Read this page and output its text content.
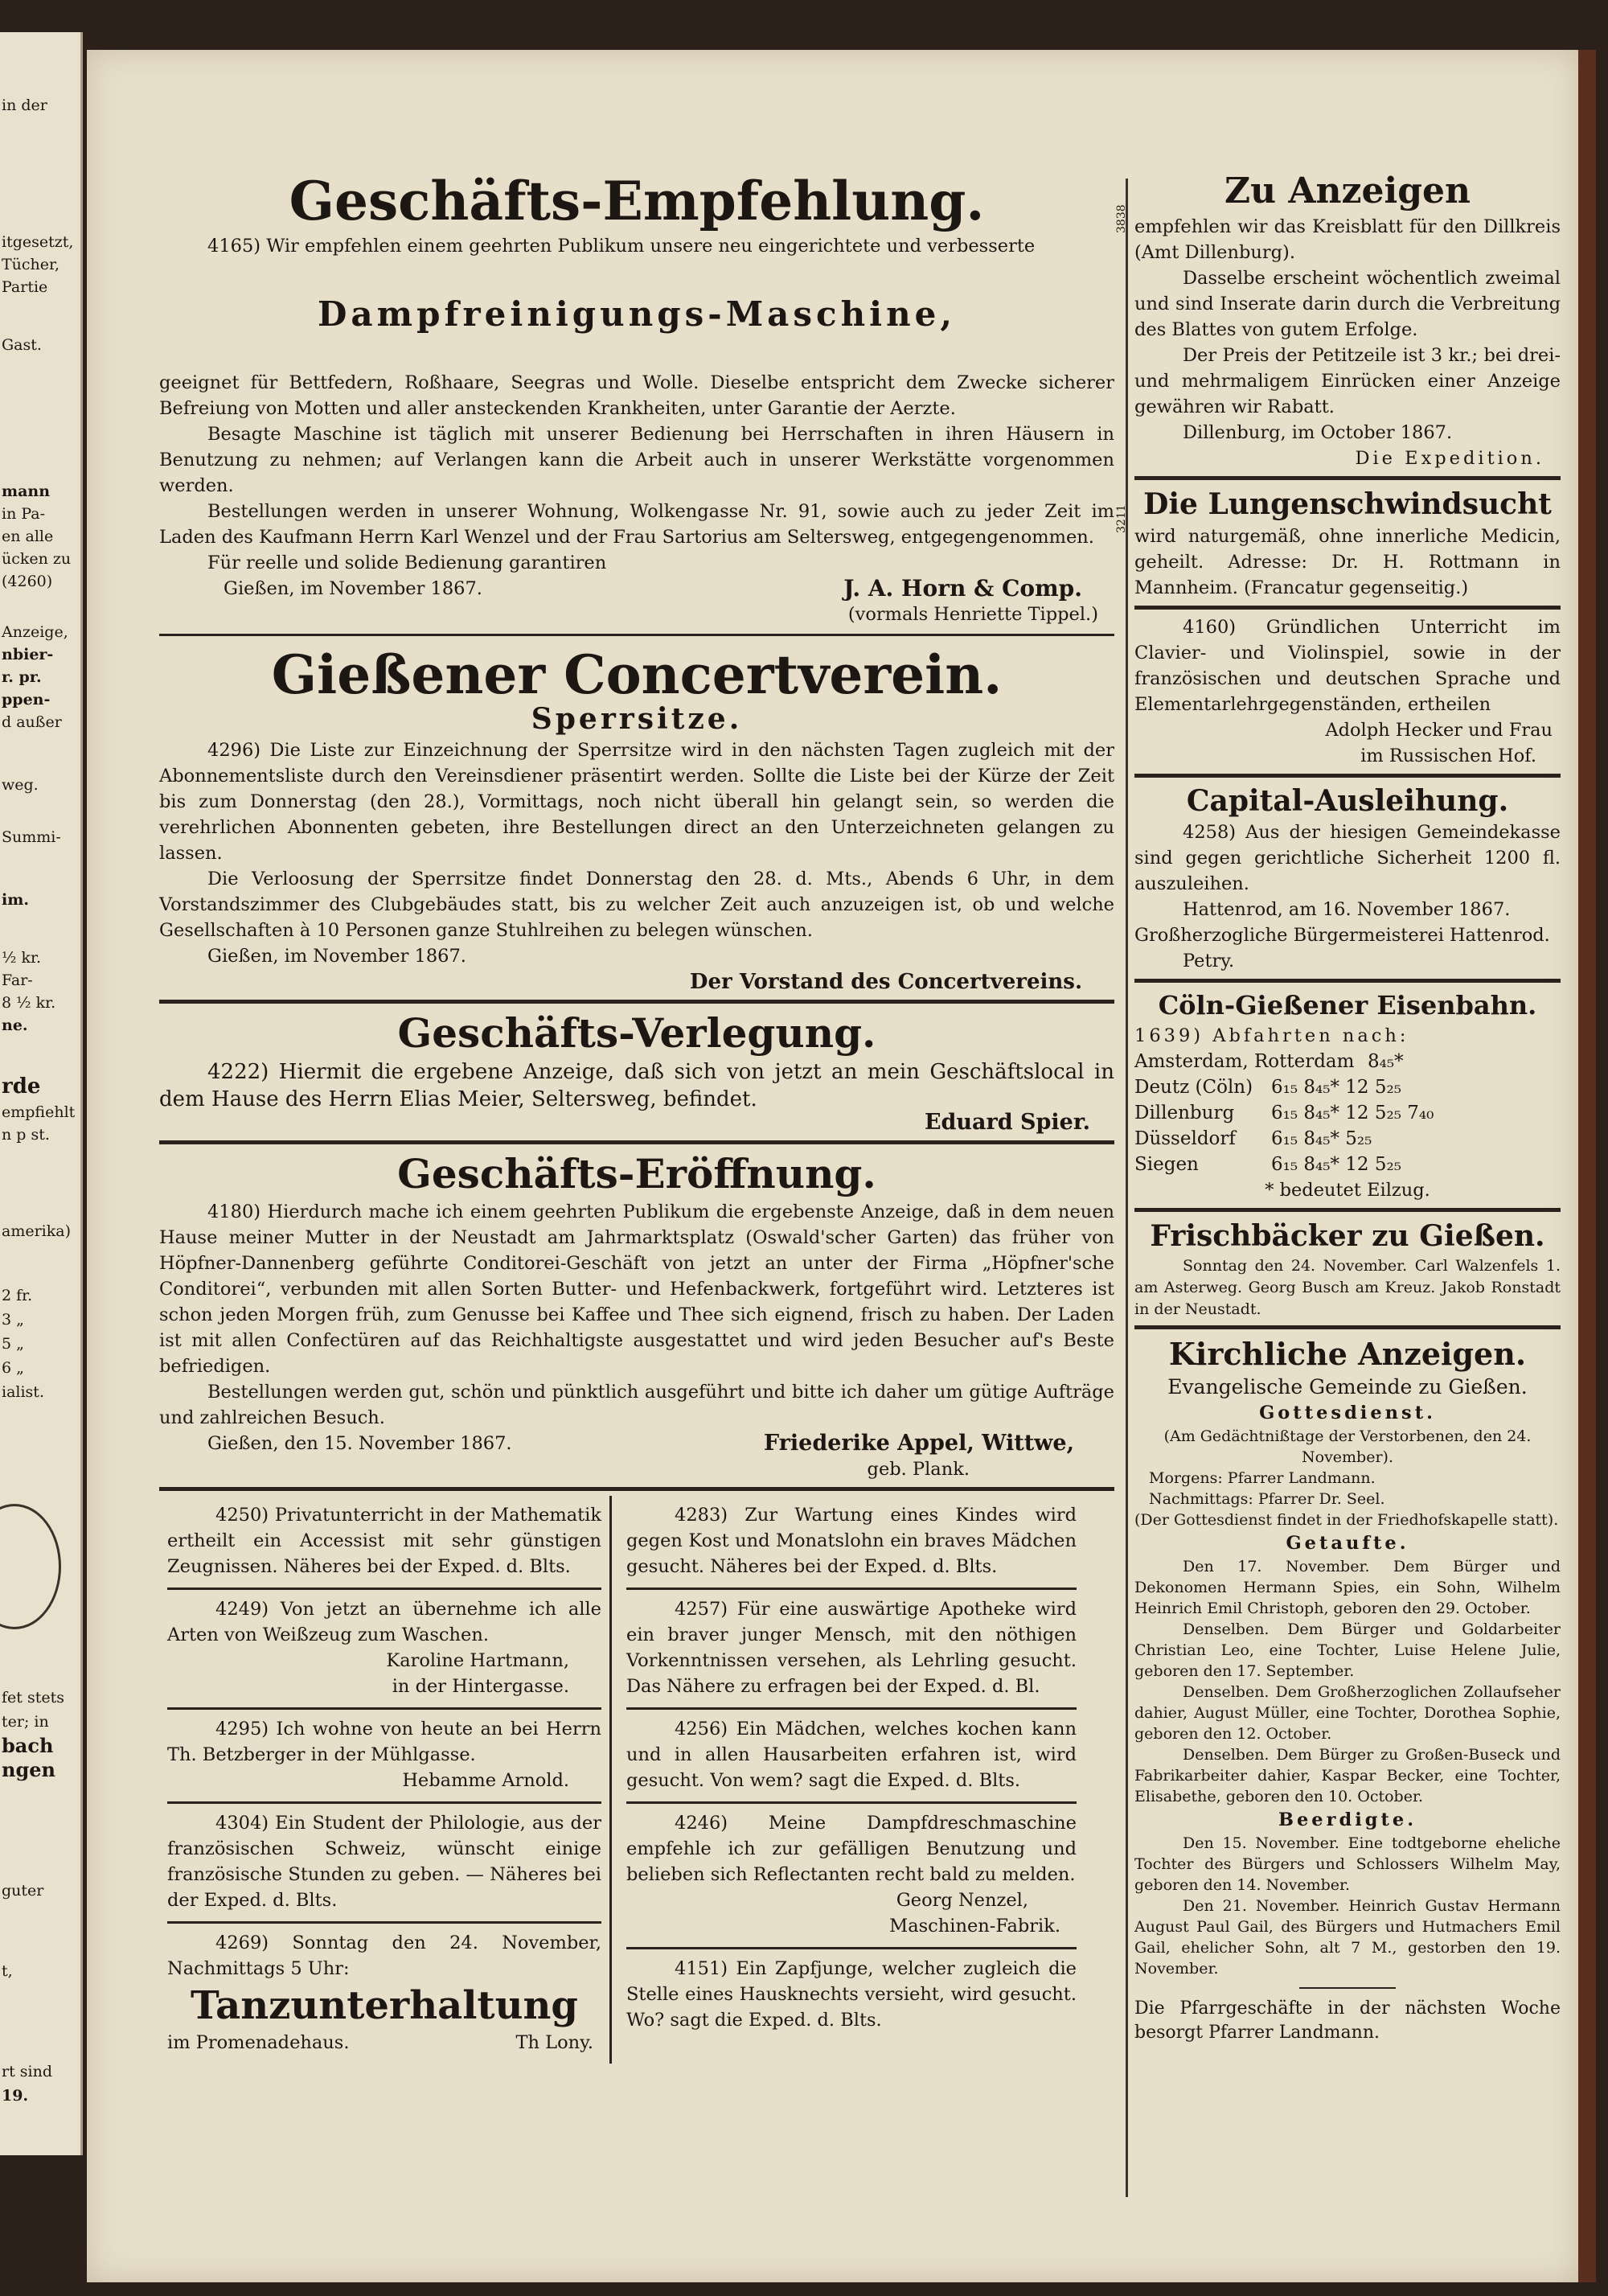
in der
itgesetzt,
Tücher,
Partie
Gast.
mann
in Pa-
en alle
ücken zu
(4260)
Anzeige,
nbier-
r. pr.
ppen-
d außer
weg.
Summi-
im.
½ kr.
Far-
8 ½ kr.
ne.
rde
empfiehlt
n p st.
amerika)
2 fr.
3 „
5 „
6 „
ialist.
fet stets
ter; in
bach
ngen
guter
t,
rt sind
19.
Geschäfts-Empfehlung.

4165) Wir empfehlen einem geehrten Publikum unsere neu eingerichtete und verbesserte

Dampfreinigungs-Maschine,

geeignet für Bettfedern, Roßhaare, Seegras und Wolle. Dieselbe entspricht dem Zwecke sicherer Befreiung von Motten und aller ansteckenden Krankheiten, unter Garantie der Aerzte.

Besagte Maschine ist täglich mit unserer Bedienung bei Herrschaften in ihren Häusern in Benutzung zu nehmen; auf Verlangen kann die Arbeit auch in unserer Werkstätte vorgenommen werden.

Bestellungen werden in unserer Wohnung, Wolkengasse Nr. 91, sowie auch zu jeder Zeit im Laden des Kaufmann Herrn Karl Wenzel und der Frau Sartorius am Seltersweg, entgegengenommen.

Für reelle und solide Bedienung garantiren

Gießen, im November 1867.	J. A. Horn & Comp.

(vormals Henriette Tippel.)

Gießener Concertverein.

Sperrsitze.

4296) Die Liste zur Einzeichnung der Sperrsitze wird in den nächsten Tagen zugleich mit der Abonnementsliste durch den Vereinsdiener präsentirt werden. Sollte die Liste bei der Kürze der Zeit bis zum Donnerstag (den 28.), Vormittags, noch nicht überall hin gelangt sein, so werden die verehrlichen Abonnenten gebeten, ihre Bestellungen direct an den Unterzeichneten gelangen zu lassen.

Die Verloosung der Sperrsitze findet Donnerstag den 28. d. Mts., Abends 6 Uhr, in dem Vorstandszimmer des Clubgebäudes statt, bis zu welcher Zeit auch anzuzeigen ist, ob und welche Gesellschaften à 10 Personen ganze Stuhlreihen zu belegen wünschen.

Gießen, im November 1867.

Der Vorstand des Concertvereins.

Geschäfts-Verlegung.

4222) Hiermit die ergebene Anzeige, daß sich von jetzt an mein Geschäftslocal in dem Hause des Herrn Elias Meier, Seltersweg, befindet.

Eduard Spier.

Geschäfts-Eröffnung.

4180) Hierdurch mache ich einem geehrten Publikum die ergebenste Anzeige, daß in dem neuen Hause meiner Mutter in der Neustadt am Jahrmarktsplatz (Oswald'scher Garten) das früher von Höpfner-Dannenberg geführte Conditorei-Geschäft von jetzt an unter der Firma „Höpfner'sche Conditorei“, verbunden mit allen Sorten Butter- und Hefenbackwerk, fortgeführt wird. Letzteres ist schon jeden Morgen früh, zum Genusse bei Kaffee und Thee sich eignend, frisch zu haben. Der Laden ist mit allen Confectüren auf das Reichhaltigste ausgestattet und wird jeden Besucher auf's Beste befriedigen.

Bestellungen werden gut, schön und pünktlich ausgeführt und bitte ich daher um gütige Aufträge und zahlreichen Besuch.

Gießen, den 15. November 1867.	Friederike Appel, Wittwe,

geb. Plank.

4250) Privatunterricht in der Mathematik ertheilt ein Accessist mit sehr günstigen Zeugnissen. Näheres bei der Exped. d. Blts.

4249) Von jetzt an übernehme ich alle Arten von Weißzeug zum Waschen.

Karoline Hartmann,

in der Hintergasse.

4295) Ich wohne von heute an bei Herrn Th. Betzberger in der Mühlgasse.

Hebamme Arnold.

4304) Ein Student der Philologie, aus der französischen Schweiz, wünscht einige französische Stunden zu geben. — Näheres bei der Exped. d. Blts.

4269) Sonntag den 24. November, Nachmittags 5 Uhr:

Tanzunterhaltung

im Promenadehaus.	Th Lony.

4283) Zur Wartung eines Kindes wird gegen Kost und Monatslohn ein braves Mädchen gesucht. Näheres bei der Exped. d. Blts.

4257) Für eine auswärtige Apotheke wird ein braver junger Mensch, mit den nöthigen Vorkenntnissen versehen, als Lehrling gesucht. Das Nähere zu erfragen bei der Exped. d. Bl.

4256) Ein Mädchen, welches kochen kann und in allen Hausarbeiten erfahren ist, wird gesucht. Von wem? sagt die Exped. d. Blts.

4246) Meine Dampfdreschmaschine empfehle ich zur gefälligen Benutzung und belieben sich Reflectanten recht bald zu melden.

Georg Nenzel,

Maschinen-Fabrik.

4151) Ein Zapfjunge, welcher zugleich die Stelle eines Hausknechts versieht, wird gesucht. Wo? sagt die Exped. d. Blts.

3838
Zu Anzeigen

empfehlen wir das Kreisblatt für den Dillkreis (Amt Dillenburg).

Dasselbe erscheint wöchentlich zweimal und sind Inserate darin durch die Verbreitung des Blattes von gutem Erfolge.

Der Preis der Petitzeile ist 3 kr.; bei drei- und mehrmaligem Einrücken einer Anzeige gewähren wir Rabatt.

Dillenburg, im October 1867.

Die Expedition.

3211 Die Lungenschwindsucht

wird naturgemäß, ohne innerliche Medicin, geheilt. Adresse: Dr. H. Rottmann in Mannheim. (Francatur gegenseitig.)

4160) Gründlichen Unterricht im Clavier- und Violinspiel, sowie in der französischen und deutschen Sprache und Elementarlehrgegenständen, ertheilen

Adolph Hecker und Frau

im Russischen Hof.

Capital-Ausleihung.

4258) Aus der hiesigen Gemeindekasse sind gegen gerichtliche Sicherheit 1200 fl. auszuleihen.

Hattenrod, am 16. November 1867.

Großherzogliche Bürgermeisterei Hattenrod.

Petry.

Cöln-Gießener Eisenbahn.

1639) Abfahrten nach:

Amsterdam, Rotterdam 8₄₅*
Deutz (Cöln) 6₁₅ 8₄₅* 12 5₂₅
Dillenburg	6₁₅ 8₄₅* 12 5₂₅ 7₄₀
Düsseldorf	6₁₅ 8₄₅* 5₂₅
Siegen	6₁₅ 8₄₅* 12 5₂₅

* bedeutet Eilzug.

Frischbäcker zu Gießen.

Sonntag den 24. November. Carl Walzenfels 1. am Asterweg. Georg Busch am Kreuz. Jakob Ronstadt in der Neustadt.

Kirchliche Anzeigen.

Evangelische Gemeinde zu Gießen.

Gottesdienst.

(Am Gedächtnißtage der Verstorbenen, den 24. November).

Morgens: Pfarrer Landmann.

Nachmittags: Pfarrer Dr. Seel.

(Der Gottesdienst findet in der Friedhofskapelle statt).

Getaufte.

Den 17. November. Dem Bürger und Dekonomen Hermann Spies, ein Sohn, Wilhelm Heinrich Emil Christoph, geboren den 29. October.

Denselben. Dem Bürger und Goldarbeiter Christian Leo, eine Tochter, Luise Helene Julie, geboren den 17. September.

Denselben. Dem Großherzoglichen Zollaufseher dahier, August Müller, eine Tochter, Dorothea Sophie, geboren den 12. October.

Denselben. Dem Bürger zu Großen-Buseck und Fabrikarbeiter dahier, Kaspar Becker, eine Tochter, Elisabethe, geboren den 10. October.

Beerdigte.

Den 15. November. Eine todtgeborne eheliche Tochter des Bürgers und Schlossers Wilhelm May, geboren den 14. November.

Den 21. November. Heinrich Gustav Hermann August Paul Gail, des Bürgers und Hutmachers Emil Gail, ehelicher Sohn, alt 7 M., gestorben den 19. November.

Die Pfarrgeschäfte in der nächsten Woche besorgt Pfarrer Landmann.
